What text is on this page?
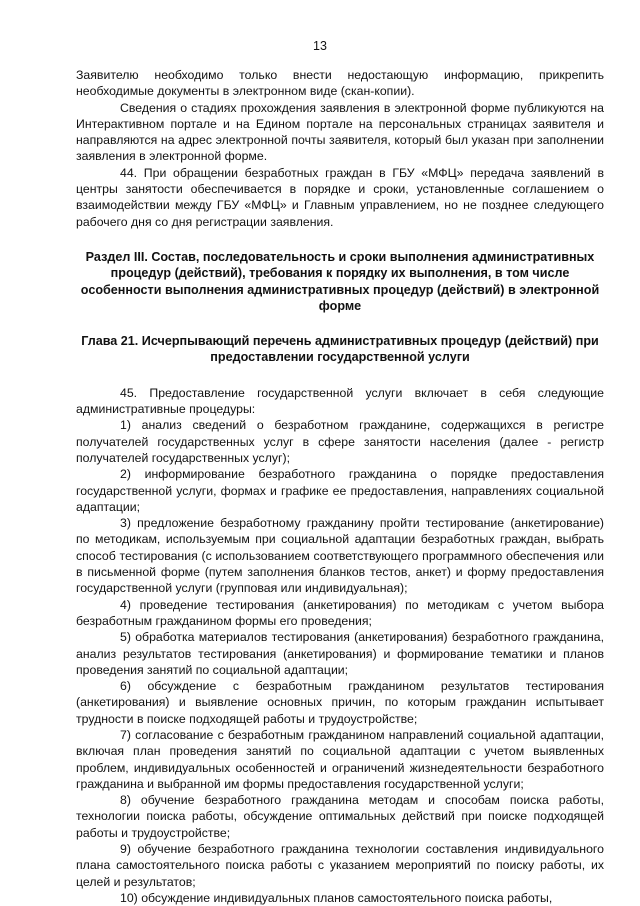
13

Заявителю необходимо только внести недостающую информацию, прикрепить необходимые документы в электронном виде (скан-копии).

Сведения о стадиях прохождения заявления в электронной форме публикуются на Интерактивном портале и на Едином портале на персональных страницах заявителя и направляются на адрес электронной почты заявителя, который был указан при заполнении заявления в электронной форме.

44. При обращении безработных граждан в ГБУ «МФЦ» передача заявлений в центры занятости обеспечивается в порядке и сроки, установленные соглашением о взаимодействии между ГБУ «МФЦ» и Главным управлением, но не позднее следующего рабочего дня со дня регистрации заявления.

Раздел III. Состав, последовательность и сроки выполнения административных процедур (действий), требования к порядку их выполнения, в том числе особенности выполнения административных процедур (действий) в электронной форме

Глава 21. Исчерпывающий перечень административных процедур (действий) при предоставлении государственной услуги

45. Предоставление государственной услуги включает в себя следующие административные процедуры:

1) анализ сведений о безработном гражданине, содержащихся в регистре получателей государственных услуг в сфере занятости населения (далее - регистр получателей государственных услуг);

2) информирование безработного гражданина о порядке предоставления государственной услуги, формах и графике ее предоставления, направлениях социальной адаптации;

3) предложение безработному гражданину пройти тестирование (анкетирование) по методикам, используемым при социальной адаптации безработных граждан, выбрать способ тестирования (с использованием соответствующего программного обеспечения или в письменной форме (путем заполнения бланков тестов, анкет) и форму предоставления государственной услуги (групповая или индивидуальная);

4) проведение тестирования (анкетирования) по методикам с учетом выбора безработным гражданином формы его проведения;

5) обработка материалов тестирования (анкетирования) безработного гражданина, анализ результатов тестирования (анкетирования) и формирование тематики и планов проведения занятий по социальной адаптации;

6) обсуждение с безработным гражданином результатов тестирования (анкетирования) и выявление основных причин, по которым гражданин испытывает трудности в поиске подходящей работы и трудоустройстве;

7) согласование с безработным гражданином направлений социальной адаптации, включая план проведения занятий по социальной адаптации с учетом выявленных проблем, индивидуальных особенностей и ограничений жизнедеятельности безработного гражданина и выбранной им формы предоставления государственной услуги;

8) обучение безработного гражданина методам и способам поиска работы, технологии поиска работы, обсуждение оптимальных действий при поиске подходящей работы и трудоустройстве;

9) обучение безработного гражданина технологии составления индивидуального плана самостоятельного поиска работы с указанием мероприятий по поиску работы, их целей и результатов;

10) обсуждение индивидуальных планов самостоятельного поиска работы,
